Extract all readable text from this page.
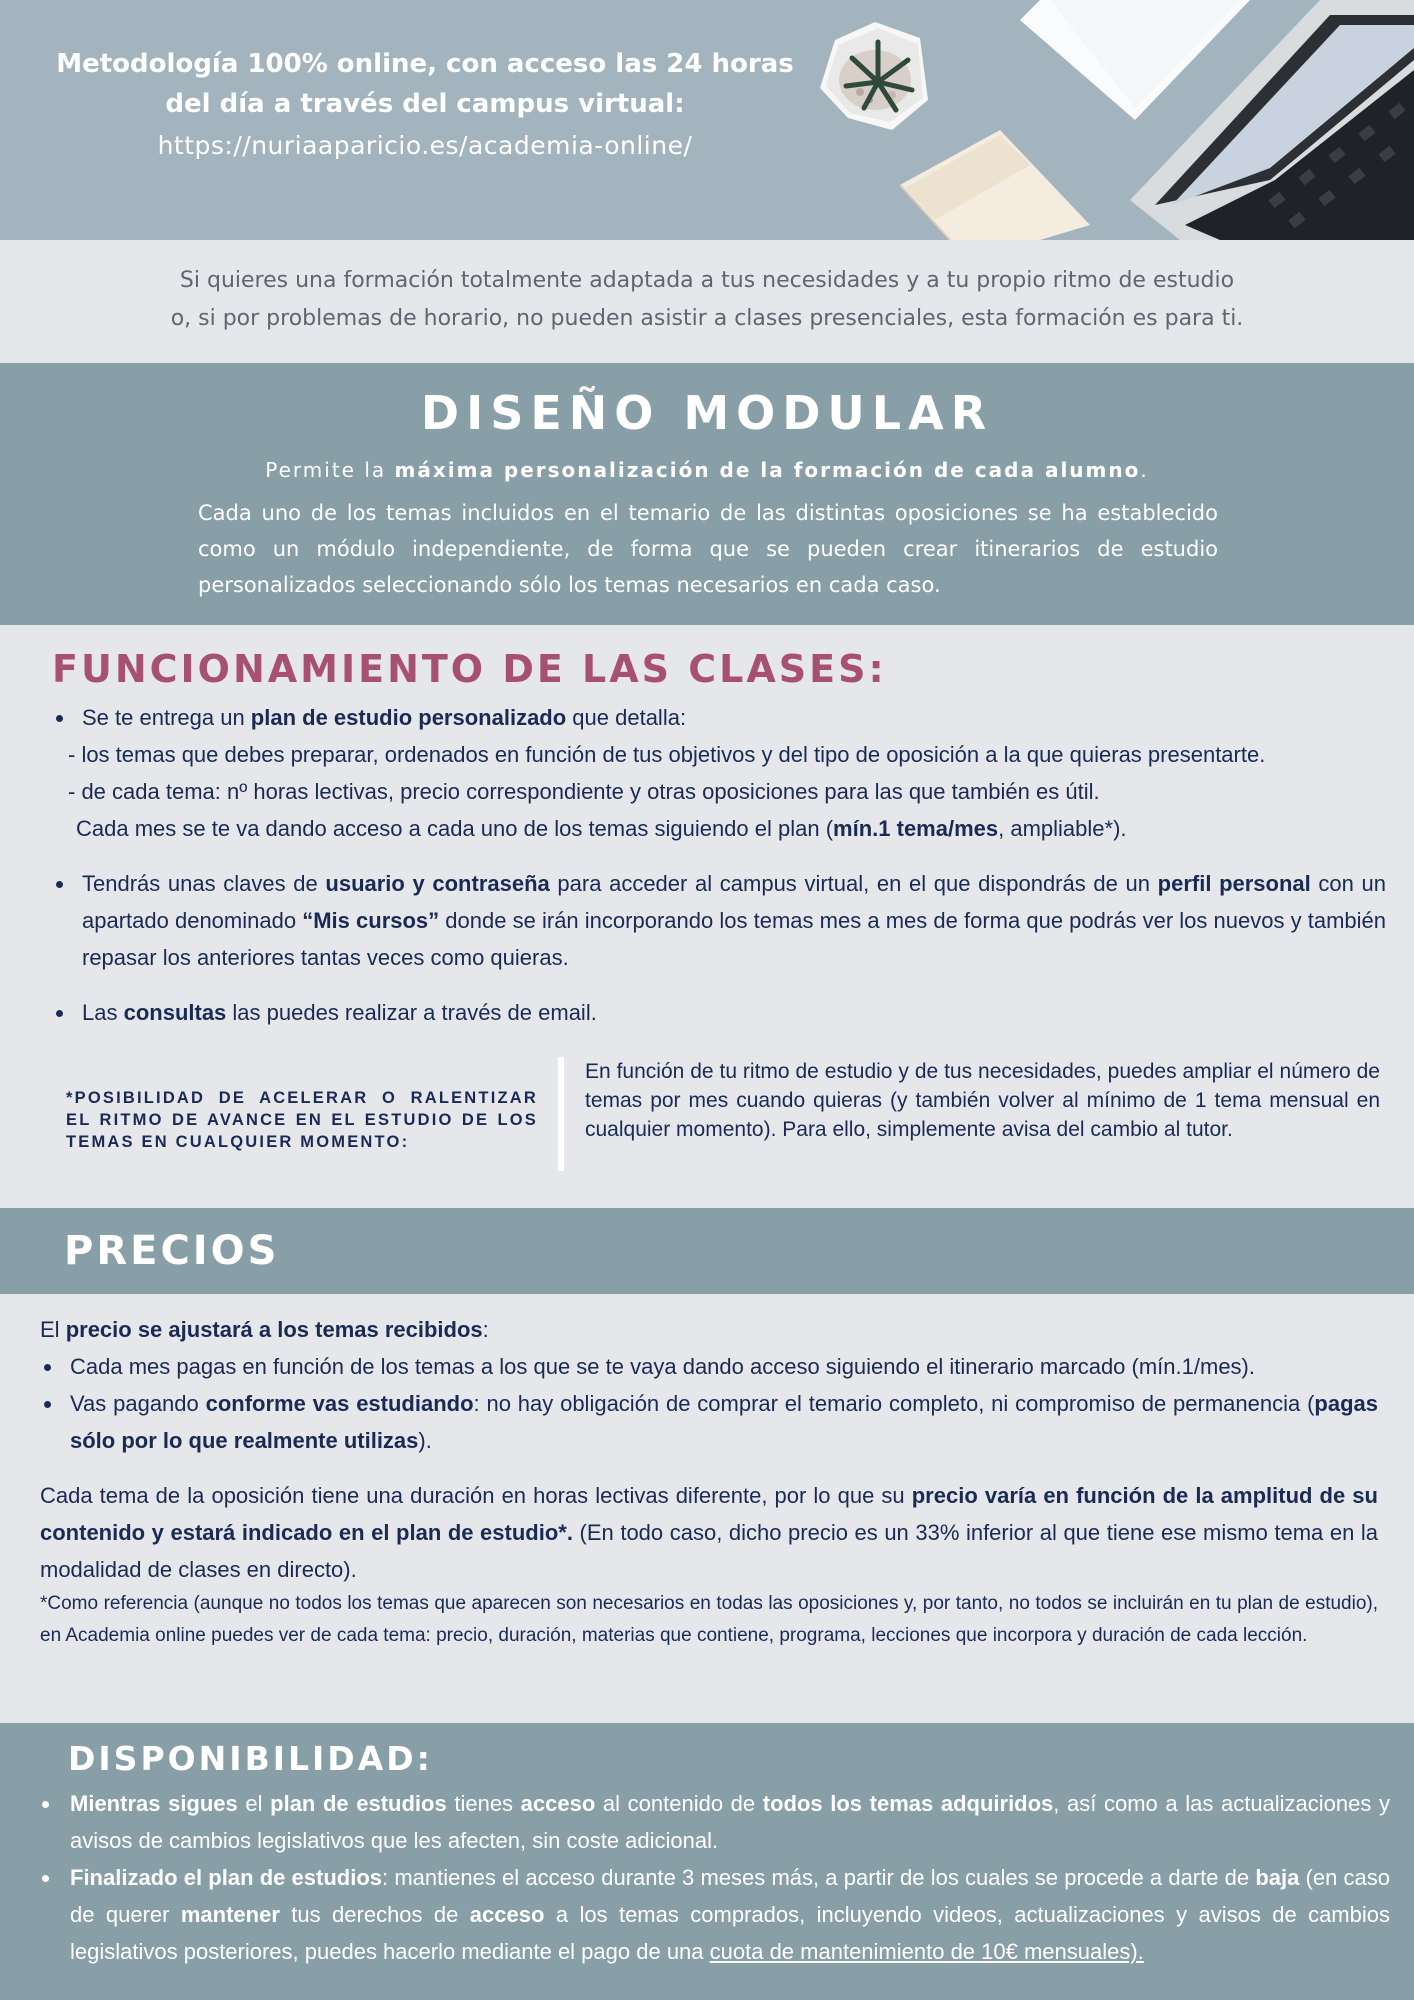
Metodología 100% online, con acceso las 24 horas
del día a través del campus virtual:
https://nuriaaparicio.es/academia-online/
Si quieres una formación totalmente adaptada a tus necesidades y a tu propio ritmo de estudio
o, si por problemas de horario, no pueden asistir a clases presenciales, esta formación es para ti.
DISEÑO MODULAR
Permite la máxima personalización de la formación de cada alumno.
Cada uno de los temas incluidos en el temario de las distintas oposiciones se ha establecido como un módulo independiente, de forma que se pueden crear itinerarios de estudio personalizados seleccionando sólo los temas necesarios en cada caso.
FUNCIONAMIENTO DE LAS CLASES:
Se te entrega un plan de estudio personalizado que detalla:
- los temas que debes preparar, ordenados en función de tus objetivos y del tipo de oposición a la que quieras presentarte.
- de cada tema: nº horas lectivas, precio correspondiente y otras oposiciones para las que también es útil.
Cada mes se te va dando acceso a cada uno de los temas siguiendo el plan (mín.1 tema/mes, ampliable*).
Tendrás unas claves de usuario y contraseña para acceder al campus virtual, en el que dispondrás de un perfil personal con un apartado denominado “Mis cursos” donde se irán incorporando los temas mes a mes de forma que podrás ver los nuevos y también repasar los anteriores tantas veces como quieras.
Las consultas las puedes realizar a través de email.
*POSIBILIDAD DE ACELERAR O RALENTIZAR EL RITMO DE AVANCE EN EL ESTUDIO DE LOS TEMAS EN CUALQUIER MOMENTO:
En función de tu ritmo de estudio y de tus necesidades, puedes ampliar el número de temas por mes cuando quieras (y también volver al mínimo de 1 tema mensual en cualquier momento). Para ello, simplemente avisa del cambio al tutor.
PRECIOS
El precio se ajustará a los temas recibidos:
Cada mes pagas en función de los temas a los que se te vaya dando acceso siguiendo el itinerario marcado (mín.1/mes).
Vas pagando conforme vas estudiando: no hay obligación de comprar el temario completo, ni compromiso de permanencia (pagas sólo por lo que realmente utilizas).
Cada tema de la oposición tiene una duración en horas lectivas diferente, por lo que su precio varía en función de la amplitud de su contenido y estará indicado en el plan de estudio*. (En todo caso, dicho precio es un 33% inferior al que tiene ese mismo tema en la modalidad de clases en directo).
*Como referencia (aunque no todos los temas que aparecen son necesarios en todas las oposiciones y, por tanto, no todos se incluirán en tu plan de estudio), en Academia online puedes ver de cada tema: precio, duración, materias que contiene, programa, lecciones que incorpora y duración de cada lección.
DISPONIBILIDAD:
Mientras sigues el plan de estudios tienes acceso al contenido de todos los temas adquiridos, así como a las actualizaciones y avisos de cambios legislativos que les afecten, sin coste adicional.
Finalizado el plan de estudios: mantienes el acceso durante 3 meses más, a partir de los cuales se procede a darte de baja (en caso de querer mantener tus derechos de acceso a los temas comprados, incluyendo videos, actualizaciones y avisos de cambios legislativos posteriores, puedes hacerlo mediante el pago de una cuota de mantenimiento de 10€ mensuales).
